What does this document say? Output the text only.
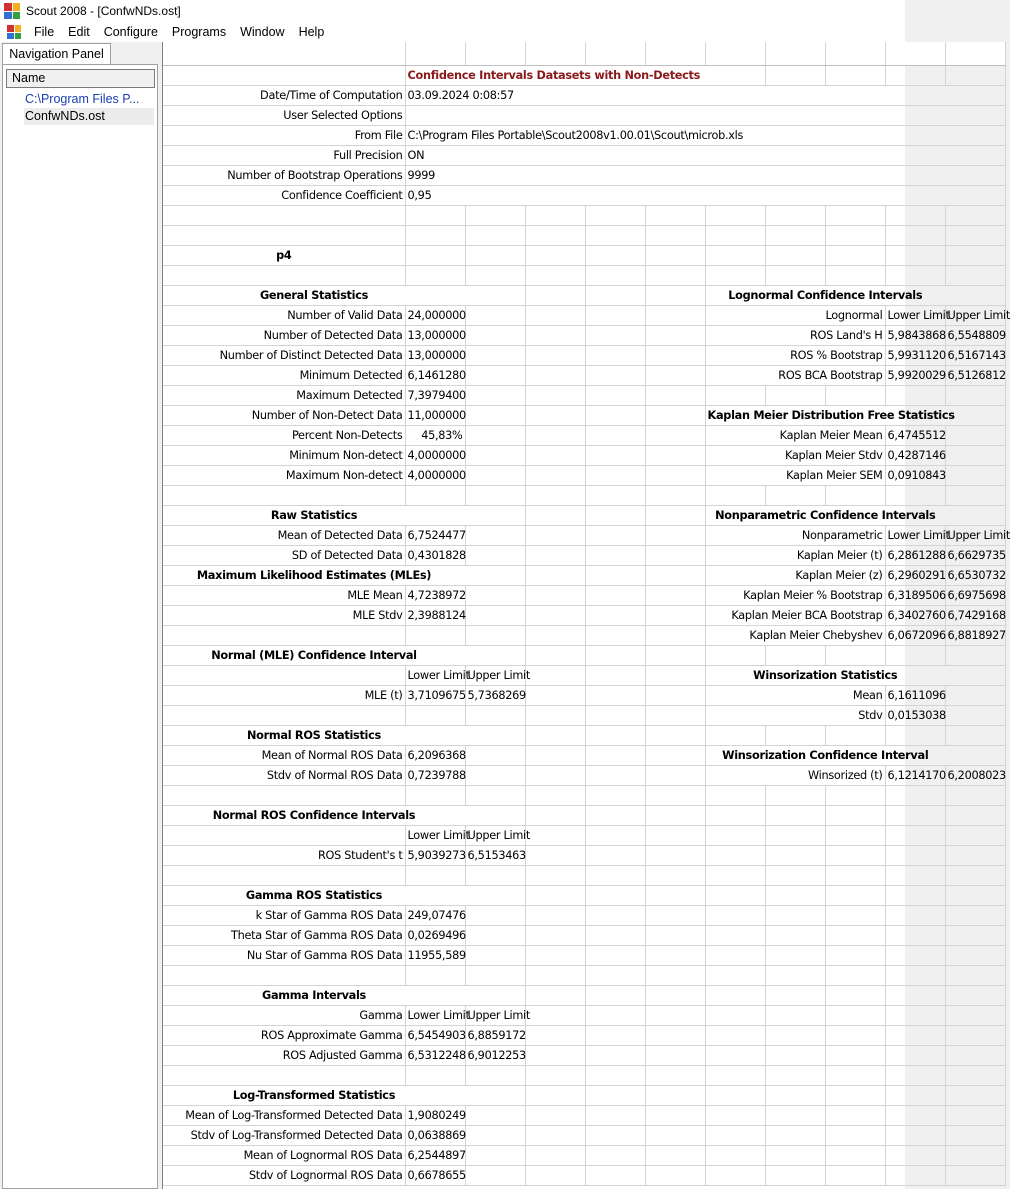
Scout 2008 - [ConfwNDs.ost]
File	Edit	Configure	Programs	Window	Help
Navigation Panel
Name
C:\Program Files P...
ConfwNDs.ost

	Confidence Intervals Datasets with Non-Detects									
Date/Time of Computation	03.09.2024 0:08:57									
User Selected Options										
From File	C:\Program Files Portable\Scout2008v1.00.01\Scout\microb.xls									
Full Precision	ON									
Number of Bootstrap Operations	9999									
Confidence Coefficient	0,95									

p4										

General Statistics						Lognormal Confidence Intervals				
Number of Valid Data	24,000000					Lognormal			Lower Limit	Upper Limit
Number of Detected Data	13,000000					ROS Land's H			5,9843868	6,5548809
Number of Distinct Detected Data	13,000000					ROS % Bootstrap			5,9931120	6,5167143
Minimum Detected	6,1461280					ROS BCA Bootstrap			5,9920029	6,5126812
Maximum Detected	7,3979400									
Number of Non-Detect Data	11,000000					Kaplan Meier Distribution Free Statistics				
Percent Non-Detects	45,83%					Kaplan Meier Mean			6,4745512	
Minimum Non-detect	4,0000000					Kaplan Meier Stdv			0,4287146	
Maximum Non-detect	4,0000000					Kaplan Meier SEM			0,0910843	

Raw Statistics						Nonparametric Confidence Intervals				
Mean of Detected Data	6,7524477					Nonparametric			Lower Limit	Upper Limit
SD of Detected Data	0,4301828					Kaplan Meier (t)			6,2861288	6,6629735
Maximum Likelihood Estimates (MLEs)						Kaplan Meier (z)			6,2960291	6,6530732
MLE Mean	4,7238972					Kaplan Meier % Bootstrap			6,3189506	6,6975698
MLE Stdv	2,3988124					Kaplan Meier BCA Bootstrap			6,3402760	6,7429168
						Kaplan Meier Chebyshev			6,0672096	6,8818927
Normal (MLE) Confidence Interval										
	Lower Limit	Upper Limit				Winsorization Statistics				
MLE (t)	3,7109675	5,7368269				Mean			6,1611096	
						Stdv			0,0153038	
Normal ROS Statistics										
Mean of Normal ROS Data	6,2096368					Winsorization Confidence Interval				
Stdv of Normal ROS Data	0,7239788					Winsorized (t)			6,1214170	6,2008023

Normal ROS Confidence Intervals										
	Lower Limit	Upper Limit								
ROS Student's t	5,9039273	6,5153463								

Gamma ROS Statistics										
k Star of Gamma ROS Data	249,07476									
Theta Star of Gamma ROS Data	0,0269496									
Nu Star of Gamma ROS Data	11955,589									

Gamma Intervals										
Gamma	Lower Limit	Upper Limit								
ROS Approximate Gamma	6,5454903	6,8859172								
ROS Adjusted Gamma	6,5312248	6,9012253								

Log-Transformed Statistics										
Mean of Log-Transformed Detected Data	1,9080249									
Stdv of Log-Transformed Detected Data	0,0638869									
Mean of Lognormal ROS Data	6,2544897									
Stdv of Lognormal ROS Data	0,6678655									
